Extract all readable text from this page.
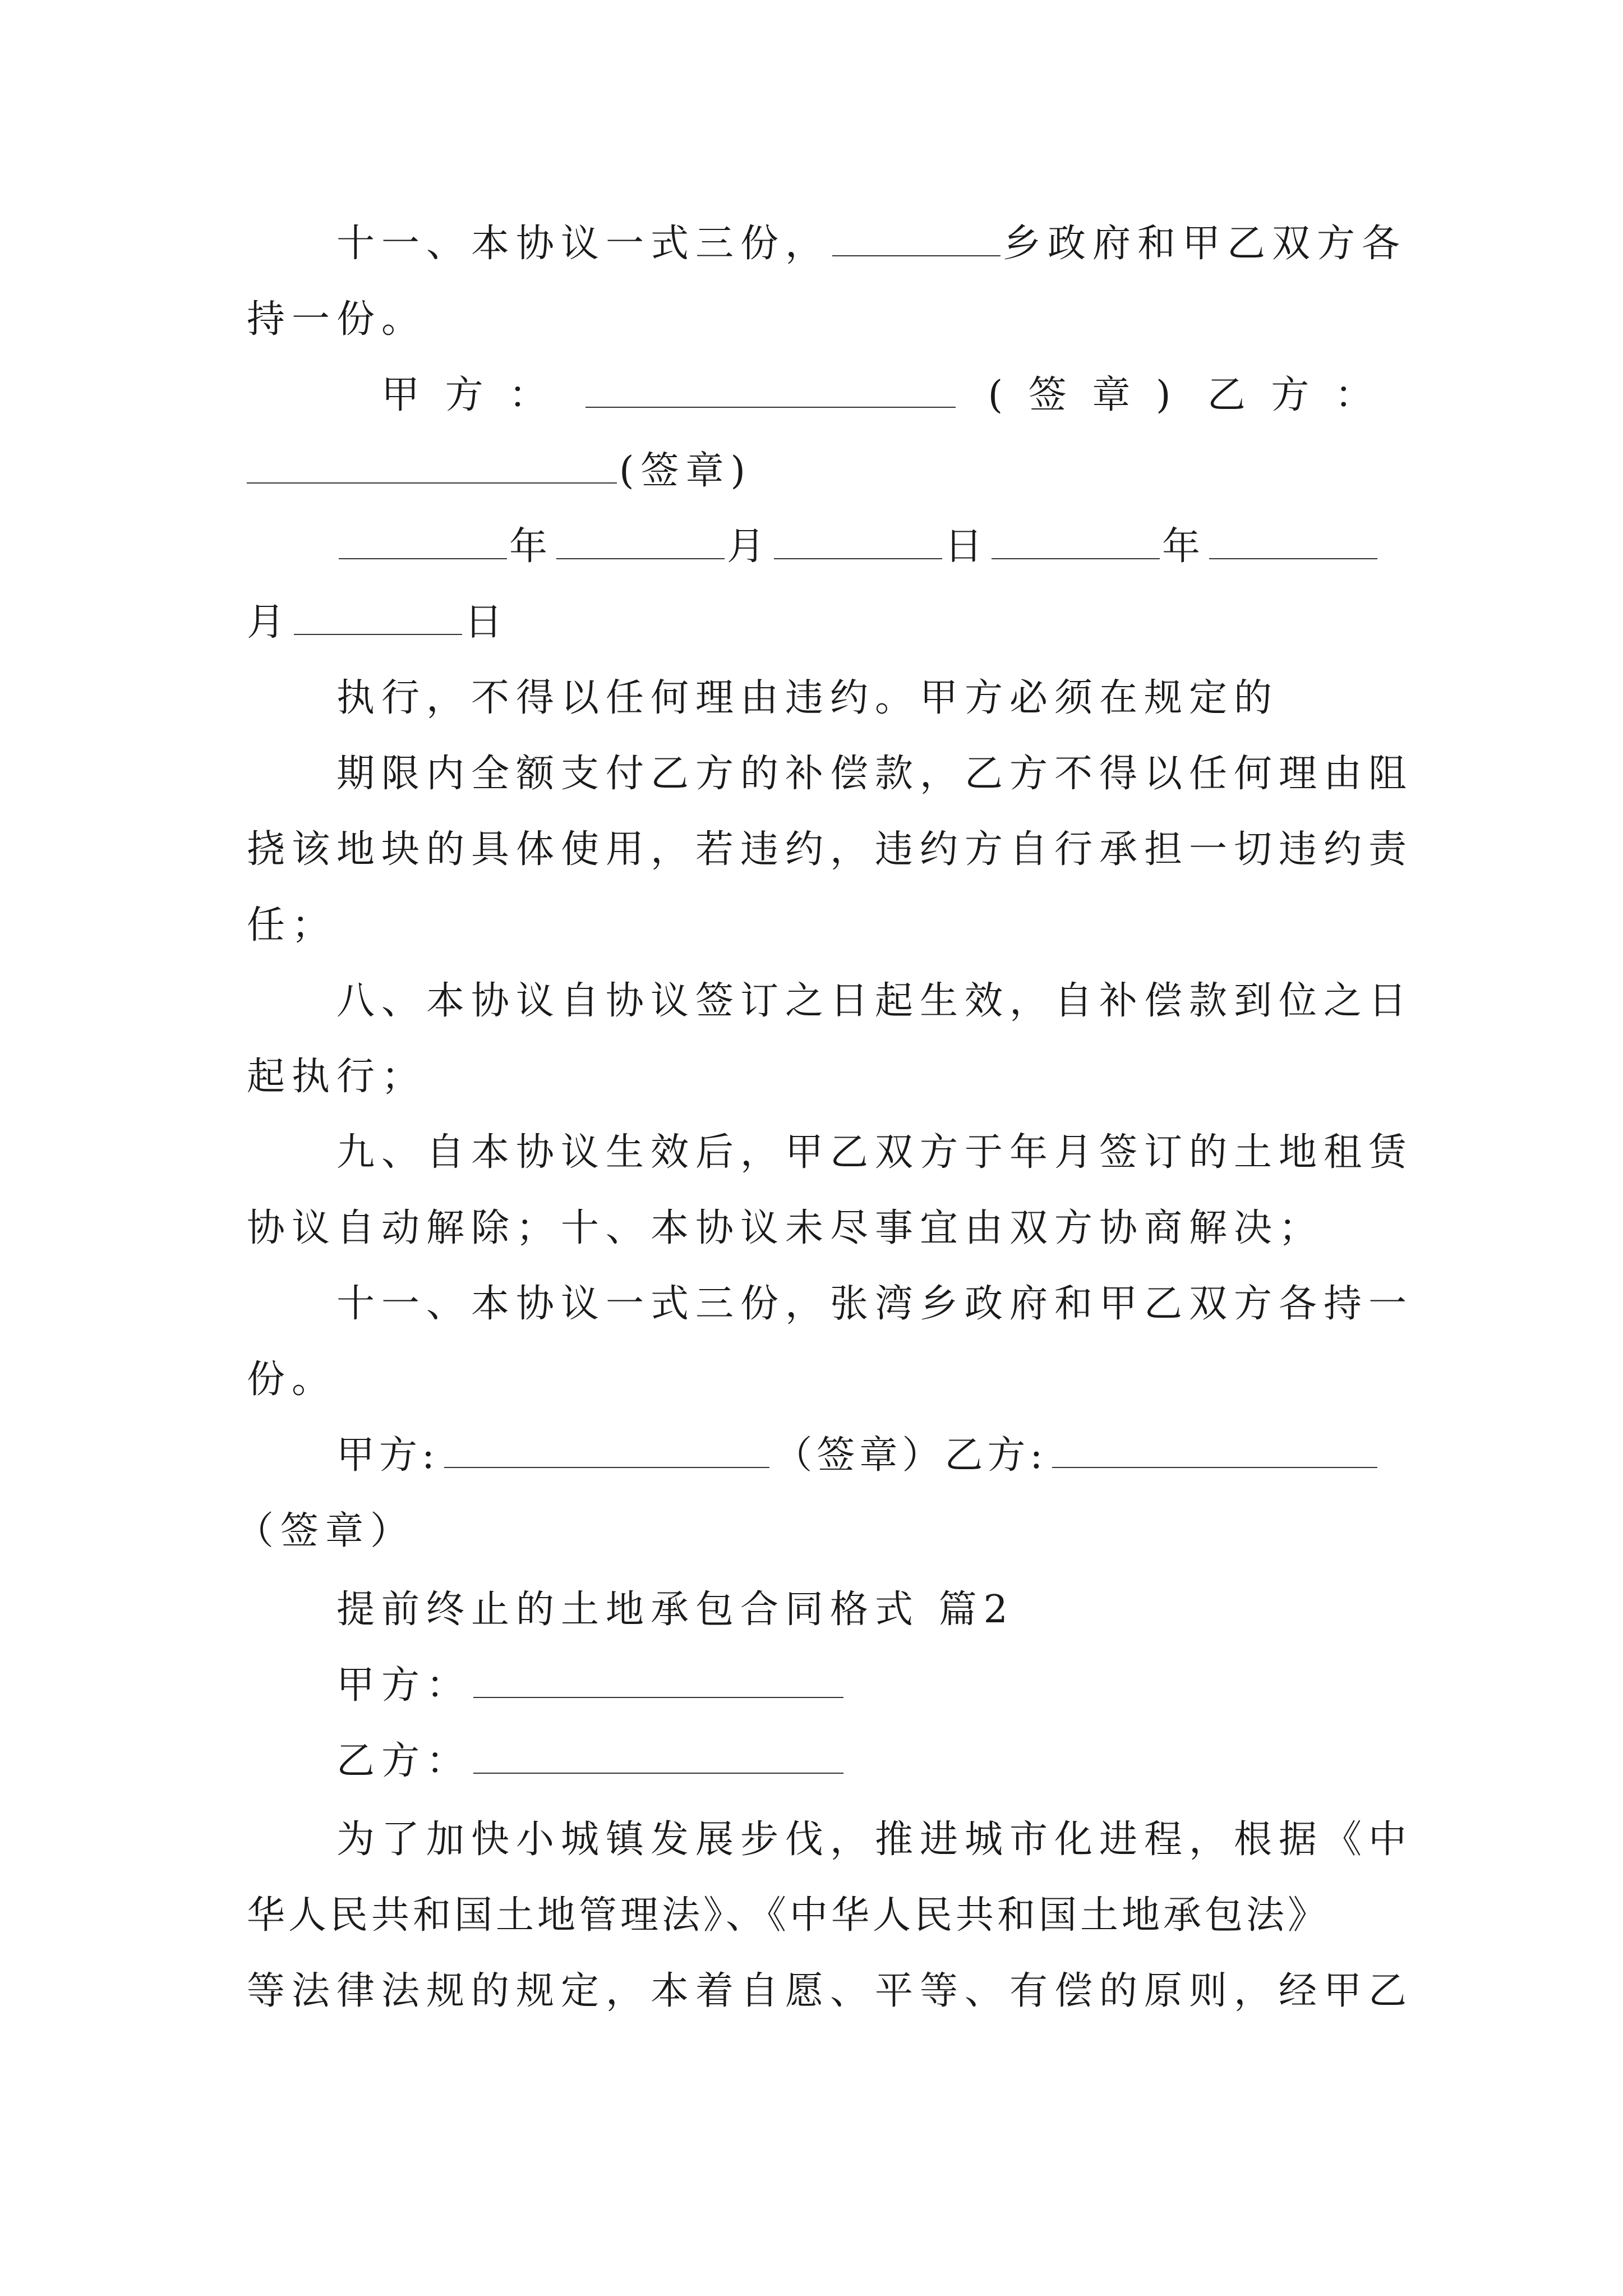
十一、本协议一式三份，	乡政府和甲乙双方各
持一份。
甲 方 ：	( 签 章 ) 乙 方 ：
(签章)
年	月	日	年
月	日
执行，不得以任何理由违约。甲方必须在规定的
期限内全额支付乙方的补偿款，乙方不得以任何理由阻
挠该地块的具体使用，若违约，违约方自行承担一切违约责
任；
八、本协议自协议签订之日起生效，自补偿款到位之日
起执行；
九、自本协议生效后，甲乙双方于年月签订的土地租赁
协议自动解除；十、本协议未尽事宜由双方协商解决；
十一、本协议一式三份，张湾乡政府和甲乙双方各持一
份。
甲方:	（签章）乙方:
（签章）
提前终止的土地承包合同格式 篇2
甲方：
乙方：
为了加快小城镇发展步伐，推进城市化进程，根据《中
华人民共和国土地管理法》、《中华人民共和国土地承包法》
等法律法规的规定，本着自愿、平等、有偿的原则，经甲乙
